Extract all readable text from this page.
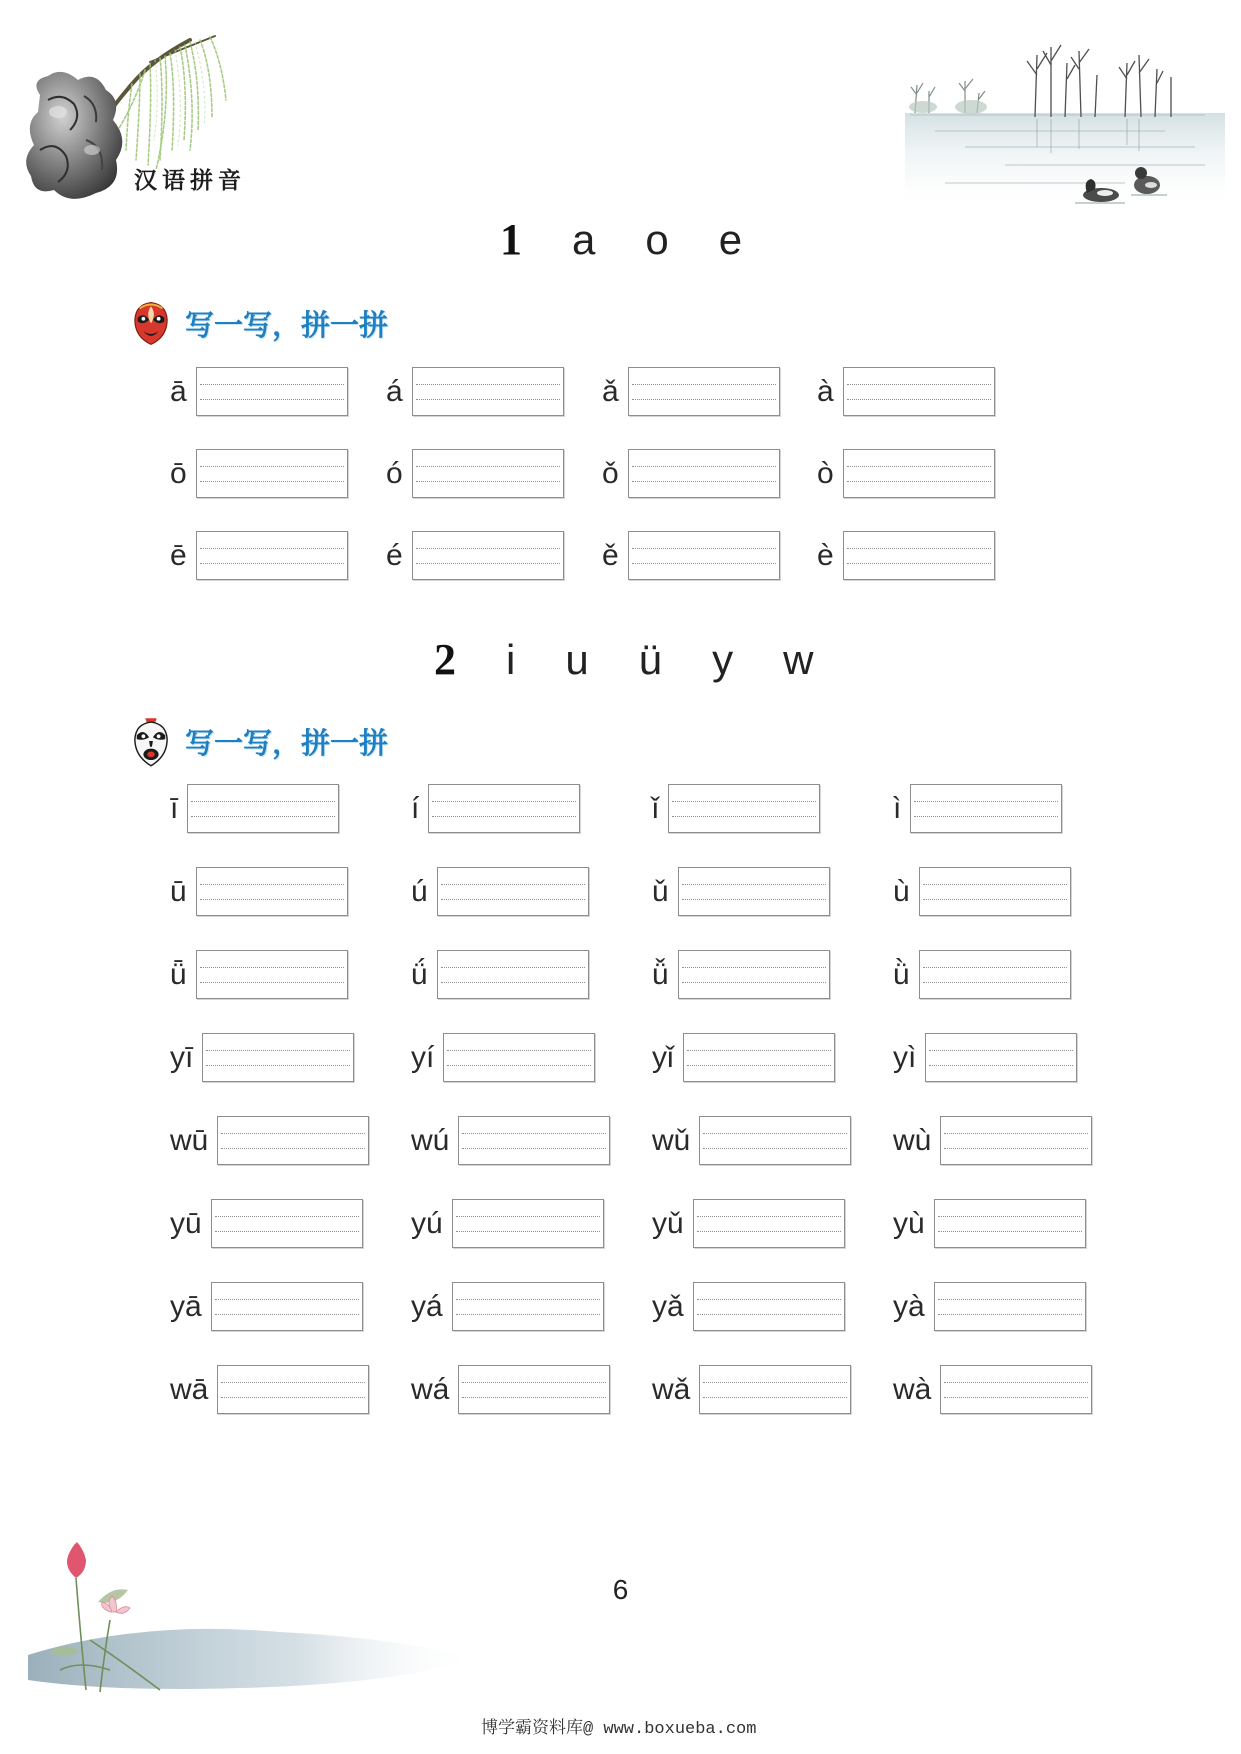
汉语拼音
1 a o e
写一写，拼一拼
ā	á	ǎ	à
ō	ó	ǒ	ò
ē	é	ě	è
2 i u ü y w
写一写，拼一拼
ī	í	ǐ	ì
ū	ú	ǔ	ù
ǖ	ǘ	ǚ	ǜ
yī	yí	yǐ	yì
wū	wú	wǔ	wù
yū	yú	yǔ	yù
yā	yá	yǎ	yà
wā	wá	wǎ	wà
6
博学霸资料库@ www.boxueba.com
